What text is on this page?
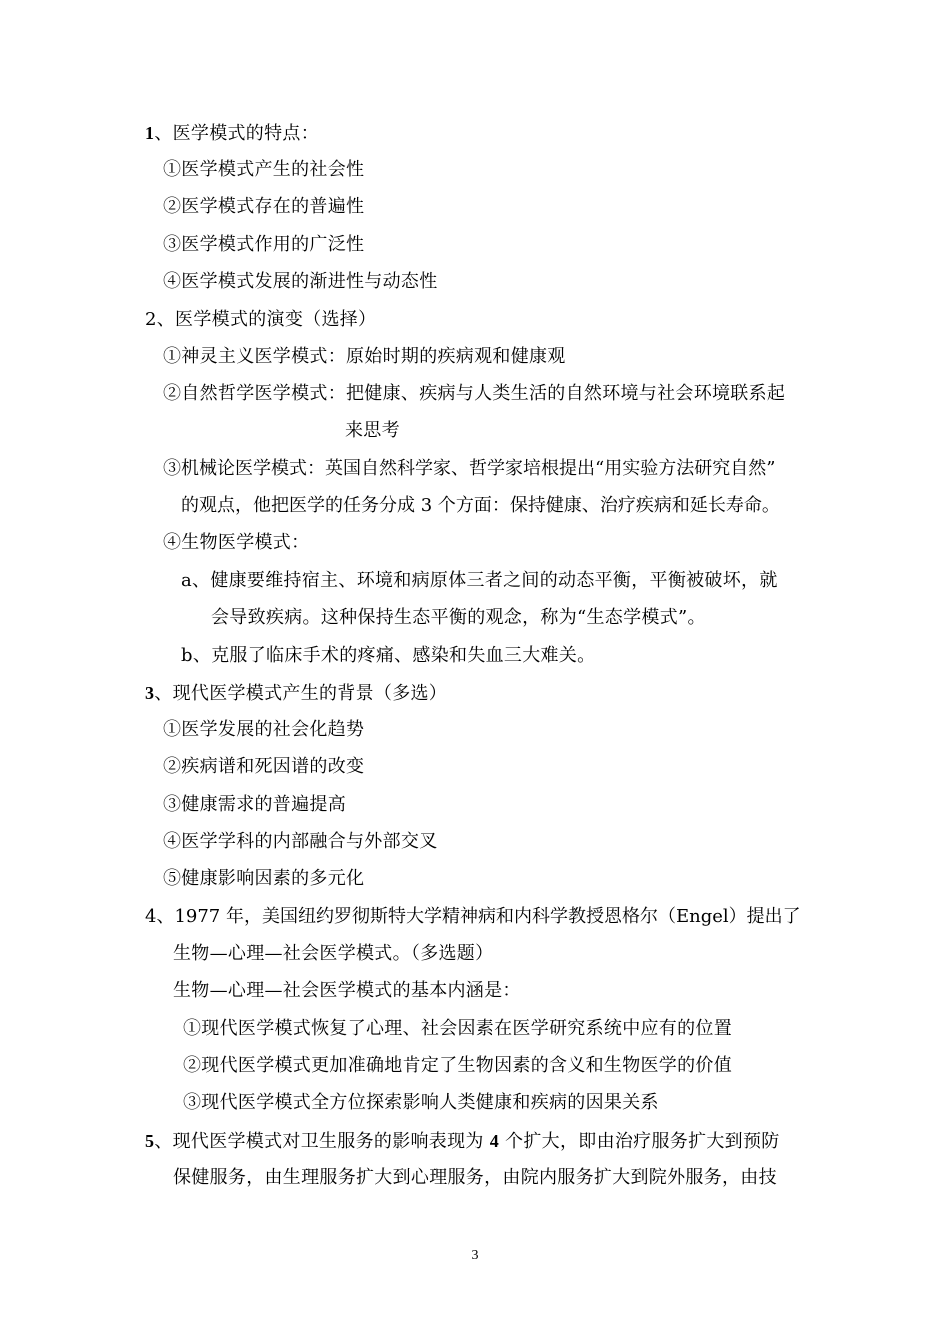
1、医学模式的特点：
①医学模式产生的社会性
②医学模式存在的普遍性
③医学模式作用的广泛性
④医学模式发展的渐进性与动态性
2、医学模式的演变（选择）
①神灵主义医学模式：原始时期的疾病观和健康观
②自然哲学医学模式：把健康、疾病与人类生活的自然环境与社会环境联系起
来思考
③机械论医学模式：英国自然科学家、哲学家培根提出“用实验方法研究自然”
的观点，他把医学的任务分成 3 个方面：保持健康、治疗疾病和延长寿命。
④生物医学模式：
a、健康要维持宿主、环境和病原体三者之间的动态平衡，平衡被破坏，就
会导致疾病。这种保持生态平衡的观念，称为“生态学模式”。
b、克服了临床手术的疼痛、感染和失血三大难关。
3、现代医学模式产生的背景（多选）
①医学发展的社会化趋势
②疾病谱和死因谱的改变
③健康需求的普遍提高
④医学学科的内部融合与外部交叉
⑤健康影响因素的多元化
4、1977 年，美国纽约罗彻斯特大学精神病和内科学教授恩格尔（Engel）提出了
生物—心理—社会医学模式。（多选题）
生物—心理—社会医学模式的基本内涵是：
①现代医学模式恢复了心理、社会因素在医学研究系统中应有的位置
②现代医学模式更加准确地肯定了生物因素的含义和生物医学的价值
③现代医学模式全方位探索影响人类健康和疾病的因果关系
5、现代医学模式对卫生服务的影响表现为 4 个扩大，即由治疗服务扩大到预防
保健服务，由生理服务扩大到心理服务，由院内服务扩大到院外服务，由技
3
